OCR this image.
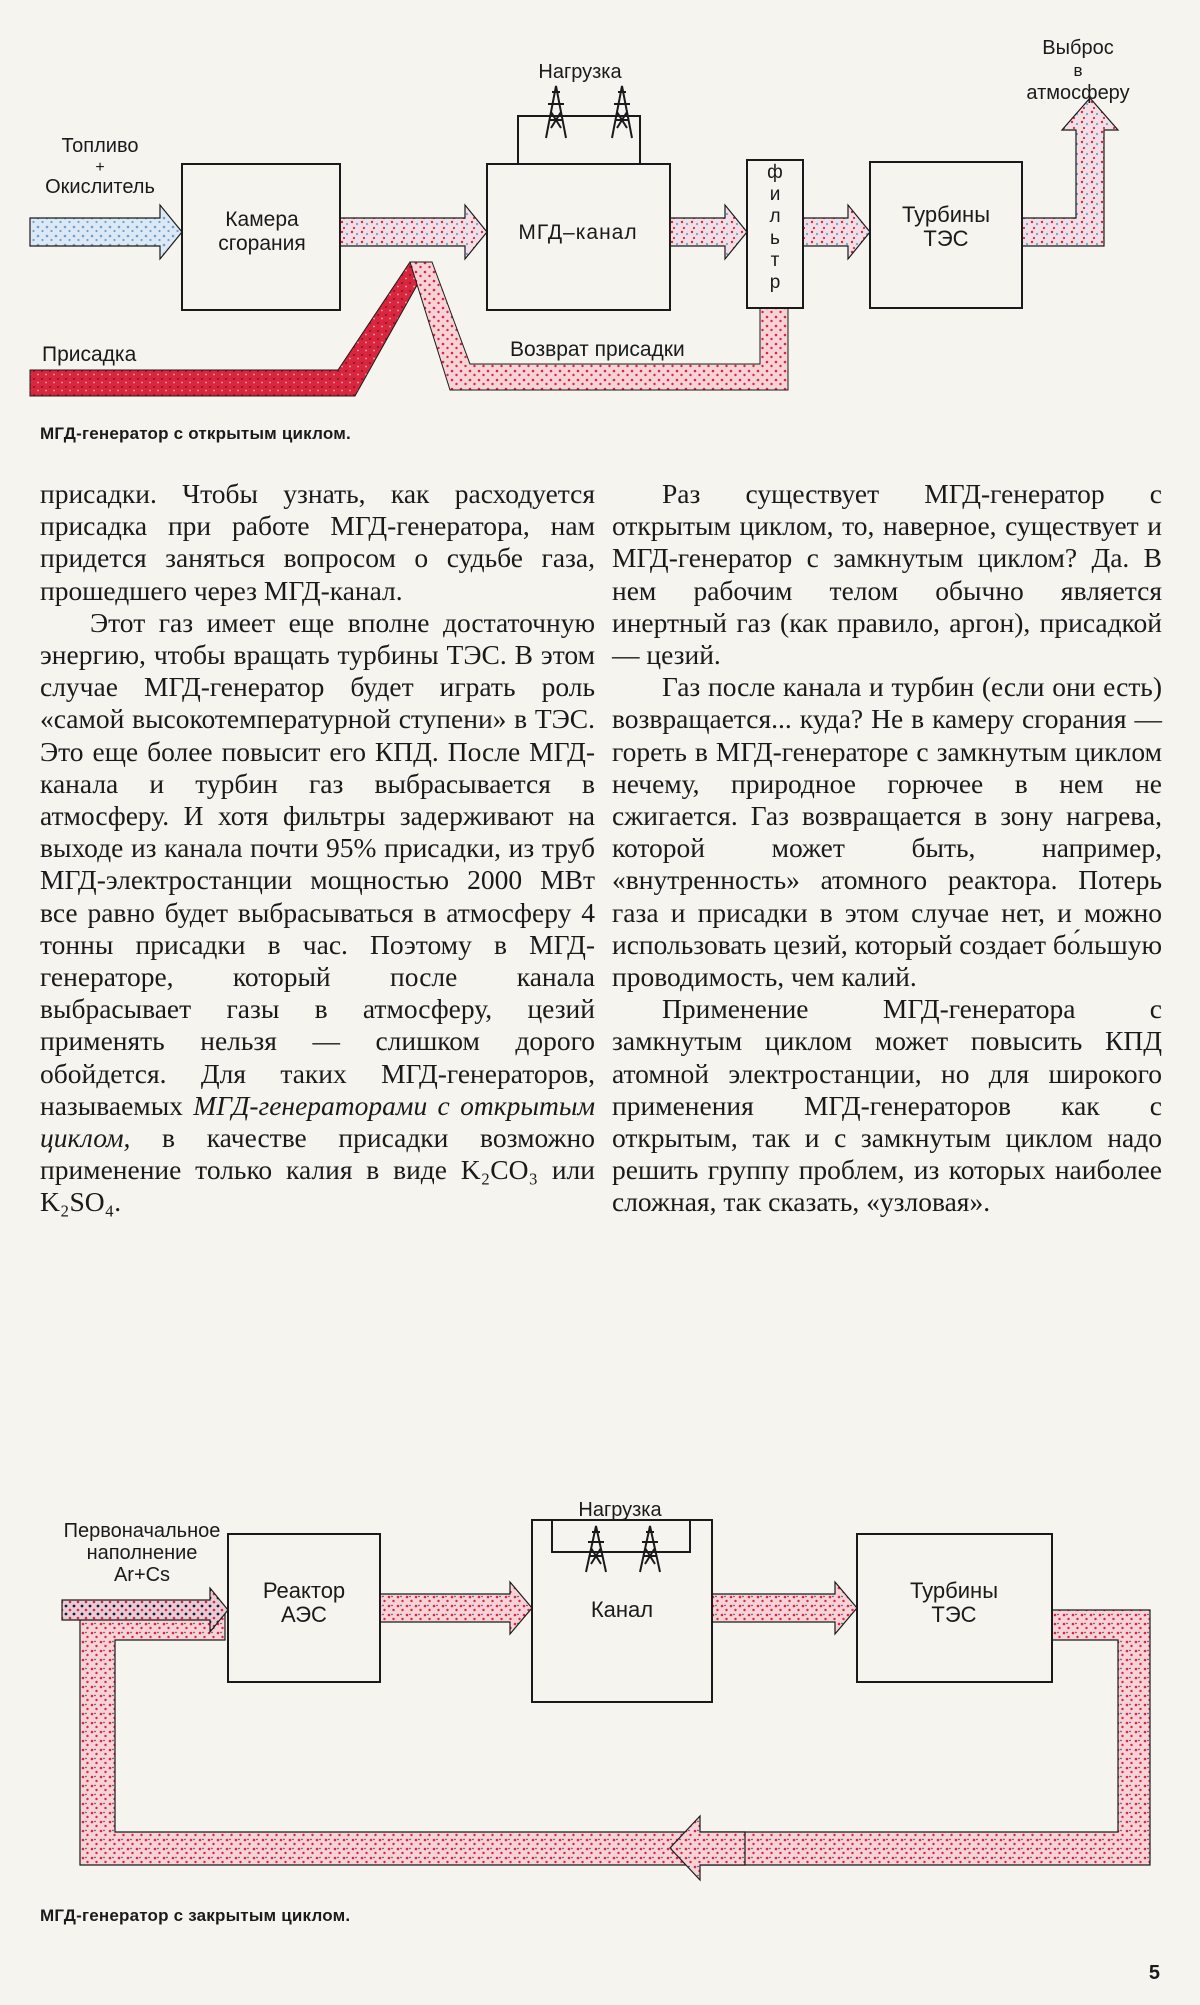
Нагрузка
Топливо
+
Окислитель
Камера
сгорания	МГД–канал
ф
и
л
ь
т
р
Турбины
ТЭС
Выброс
в
атмосферу
Присадка	Возврат присадки
МГД-генератор с открытым циклом.

присадки. Чтобы узнать, как расходуется присадка при работе МГД-генератора, нам придется заняться вопросом о судьбе газа, прошедшего через МГД-канал.

Этот газ имеет еще вполне достаточную энергию, чтобы вращать турбины ТЭС. В этом случае МГД-генератор будет играть роль «самой высокотемпературной ступени» в ТЭС. Это еще более повысит его КПД. После МГД-канала и турбин газ выбрасывается в атмосферу. И хотя фильтры задерживают на выходе из канала почти 95% присадки, из труб МГД-электростанции мощностью 2000 МВт все равно будет выбрасываться в атмосферу 4 тонны присадки в час. Поэтому в МГД-генераторе, который после канала выбрасывает газы в атмосферу, цезий применять нельзя — слишком дорого обойдется. Для таких МГД-генераторов, называемых МГД-генераторами с открытым циклом, в качестве присадки возможно применение только калия в виде K₂CO₃ или K₂SO₄.

Раз существует МГД-генератор с открытым циклом, то, наверное, существует и МГД-генератор с замкнутым циклом? Да. В нем рабочим телом обычно является инертный газ (как правило, аргон), присадкой — цезий.

Газ после канала и турбин (если они есть) возвращается... куда? Не в камеру сгорания — гореть в МГД-генераторе с замкнутым циклом нечему, природное горючее в нем не сжигается. Газ возвращается в зону нагрева, которой может быть, например, «внутренность» атомного реактора. Потерь газа и присадки в этом случае нет, и можно использовать цезий, который создает бо́льшую проводимость, чем калий.

Применение МГД-генератора с замкнутым циклом может повысить КПД атомной электростанции, но для широкого применения МГД-генераторов как с открытым, так и с замкнутым циклом надо решить группу проблем, из которых наиболее сложная, так сказать, «узловая».

Нагрузка
Первоначальное
наполнение
Ar+Cs
Реактор
АЭС	Канал
Турбины
ТЭС
МГД-генератор с закрытым циклом.
5
